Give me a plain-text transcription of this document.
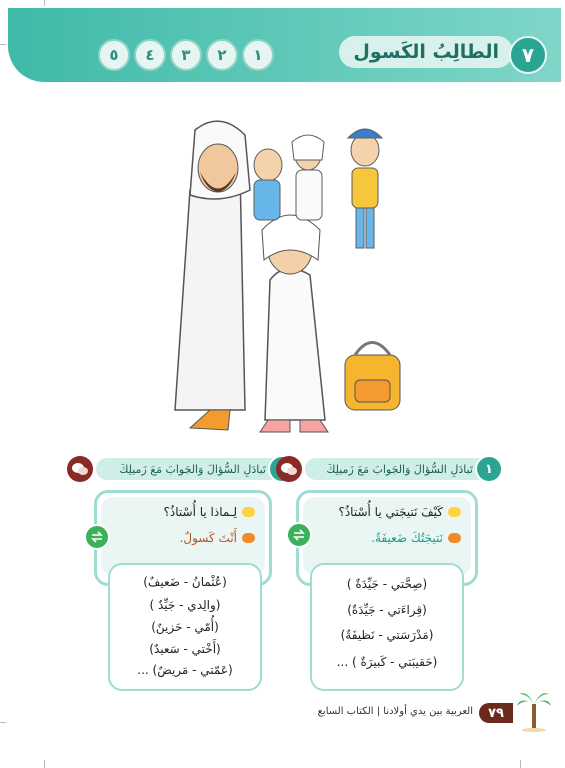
الطالِبُ الكَسول	٧
٥	٤	٣	٢	١
تَبادَلِ السُّؤالَ وَالجَوابَ مَعَ زَميلِكَ	١
تَبادَلِ السُّؤالَ وَالجَوابَ مَعَ زَميلِكَ
لِـماذا يا أُسْتاذُ؟
أَنْتَ كَسولٌ.
(عُثْمانُ - ضَعيفٌ)
(والِدي - جَيِّدٌ )
(أُمّي - حَزينٌ)
(أَخْتي - سَعيدٌ)
(عَمّتي - مَريضٌ) ...
كَيْفَ نَتيجَتي يا أُسْتاذُ؟
نَتيجَتُكَ ضَعيفَةٌ.
(صِحَّتي - جَيِّدَةٌ )
(قِراءَتي - جَيِّدَةٌ)
(مَدْرَسَتي - نَظيفَةٌ)
(حَقيبَتي - كَبيرَةٌ ) ...
العربية بين يدي أولادنا | الكتاب السابع	٧٩
